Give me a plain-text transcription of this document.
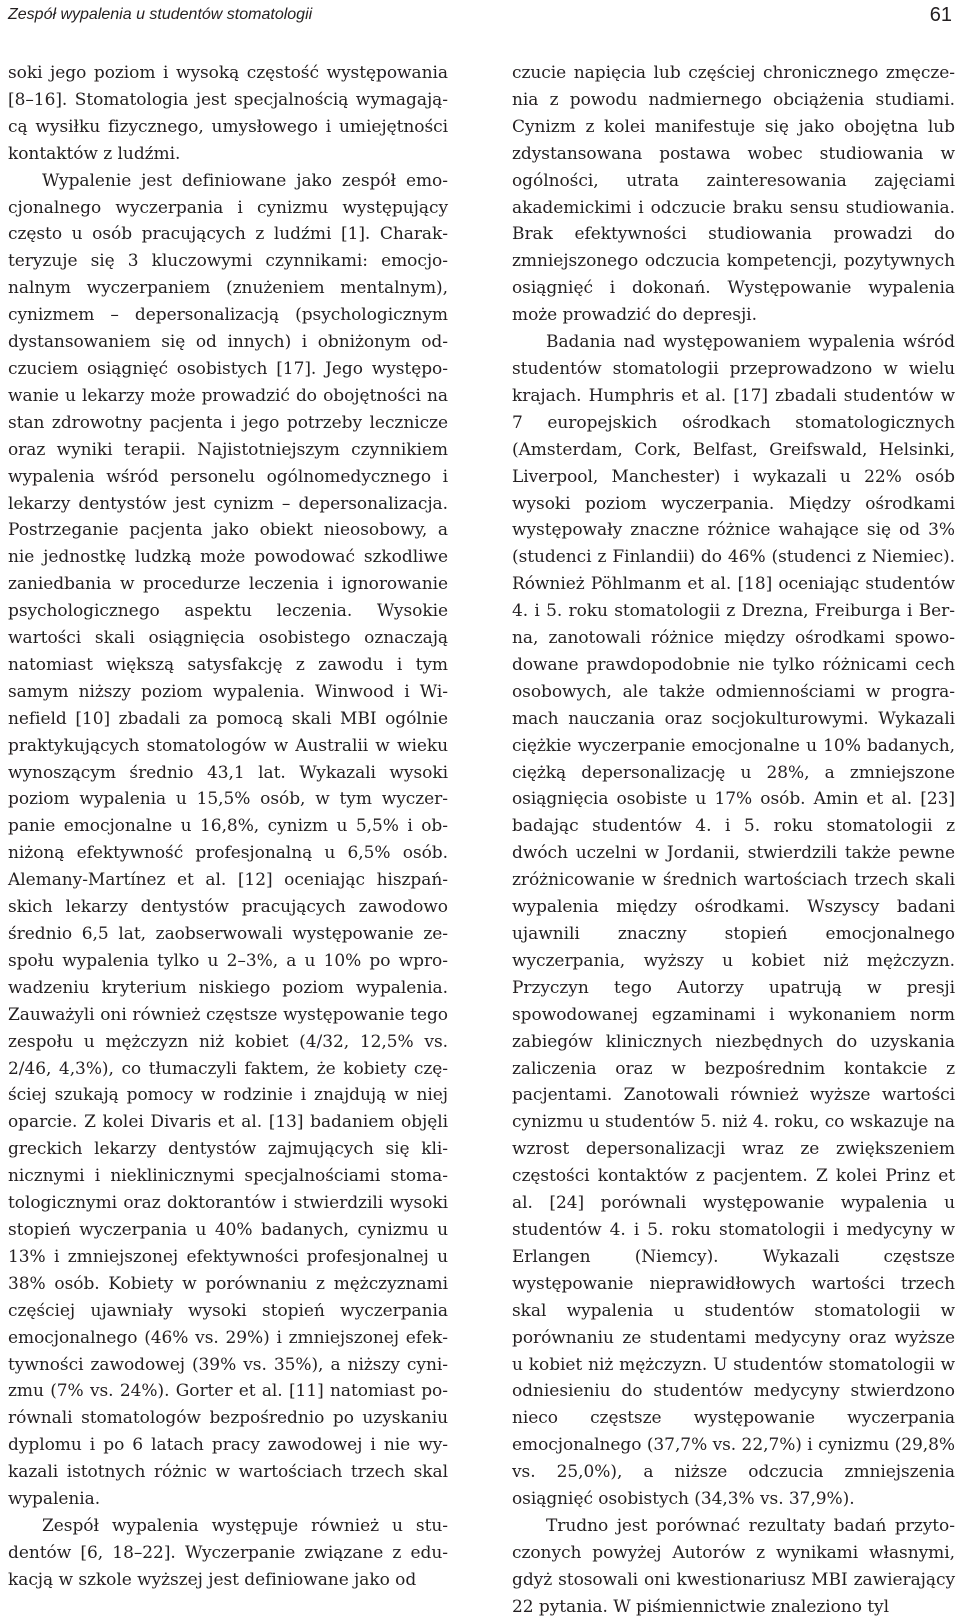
Zespół wypalenia u studentów stomatologii	61

soki jego poziom i wysoką częstość występowania [8–16]. Stomatologia jest specjalnością wymagającą wysiłku fizycznego, umysłowego i umiejętności kontaktów z ludźmi.

Wypalenie jest definiowane jako zespół emocjonalnego wyczerpania i cynizmu występujący często u osób pracujących z ludźmi [1]. Charakteryzuje się 3 kluczowymi czynnikami: emocjonalnym wyczerpaniem (znużeniem mentalnym), cynizmem – depersonalizacją (psychologicznym dystansowaniem się od innych) i obniżonym odczuciem osiągnięć osobistych [17]. Jego występowanie u lekarzy może prowadzić do obojętności na stan zdrowotny pacjenta i jego potrzeby lecznicze oraz wyniki terapii. Najistotniejszym czynnikiem wypalenia wśród personelu ogólnomedycznego i lekarzy dentystów jest cynizm – depersonalizacja. Postrzeganie pacjenta jako obiekt nieosobowy, a nie jednostkę ludzką może powodować szkodliwe zaniedbania w procedurze leczenia i ignorowanie psychologicznego aspektu leczenia. Wysokie wartości skali osiągnięcia osobistego oznaczają natomiast większą satysfakcję z zawodu i tym samym niższy poziom wypalenia. Winwood i Winefield [10] zbadali za pomocą skali MBI ogólnie praktykujących stomatologów w Australii w wieku wynoszącym średnio 43,1 lat. Wykazali wysoki poziom wypalenia u 15,5% osób, w tym wyczerpanie emocjonalne u 16,8%, cynizm u 5,5% i obniżoną efektywność profesjonalną u 6,5% osób. Alemany-Martínez et al. [12] oceniając hiszpańskich lekarzy dentystów pracujących zawodowo średnio 6,5 lat, zaobserwowali występowanie zespołu wypalenia tylko u 2–3%, a u 10% po wprowadzeniu kryterium niskiego poziom wypalenia. Zauważyli oni również częstsze występowanie tego zespołu u mężczyzn niż kobiet (4/32, 12,5% vs. 2/46, 4,3%), co tłumaczyli faktem, że kobiety częściej szukają pomocy w rodzinie i znajdują w niej oparcie. Z kolei Divaris et al. [13] badaniem objęli greckich lekarzy dentystów zajmujących się klinicznymi i nieklinicznymi specjalnościami stomatologicznymi oraz doktorantów i stwierdzili wysoki stopień wyczerpania u 40% badanych, cynizmu u 13% i zmniejszonej efektywności profesjonalnej u 38% osób. Kobiety w porównaniu z mężczyznami częściej ujawniały wysoki stopień wyczerpania emocjonalnego (46% vs. 29%) i zmniejszonej efektywności zawodowej (39% vs. 35%), a niższy cynizmu (7% vs. 24%). Gorter et al. [11] natomiast porównali stomatologów bezpośrednio po uzyskaniu dyplomu i po 6 latach pracy zawodowej i nie wykazali istotnych różnic w wartościach trzech skal wypalenia.

Zespół wypalenia występuje również u studentów [6, 18–22]. Wyczerpanie związane z edukacją w szkole wyższej jest definiowane jako od

czucie napięcia lub częściej chronicznego zmęczenia z powodu nadmiernego obciążenia studiami. Cynizm z kolei manifestuje się jako obojętna lub zdystansowana postawa wobec studiowania w ogólności, utrata zainteresowania zajęciami akademickimi i odczucie braku sensu studiowania. Brak efektywności studiowania prowadzi do zmniejszonego odczucia kompetencji, pozytywnych osiągnięć i dokonań. Występowanie wypalenia może prowadzić do depresji.

Badania nad występowaniem wypalenia wśród studentów stomatologii przeprowadzono w wielu krajach. Humphris et al. [17] zbadali studentów w 7 europejskich ośrodkach stomatologicznych (Amsterdam, Cork, Belfast, Greifswald, Helsinki, Liverpool, Manchester) i wykazali u 22% osób wysoki poziom wyczerpania. Między ośrodkami występowały znaczne różnice wahające się od 3% (studenci z Finlandii) do 46% (studenci z Niemiec). Również Pöhlmanm et al. [18] oceniając studentów 4. i 5. roku stomatologii z Drezna, Freiburga i Berna, zanotowali różnice między ośrodkami spowodowane prawdopodobnie nie tylko różnicami cech osobowych, ale także odmiennościami w programach nauczania oraz socjokulturowymi. Wykazali ciężkie wyczerpanie emocjonalne u 10% badanych, ciężką depersonalizację u 28%, a zmniejszone osiągnięcia osobiste u 17% osób. Amin et al. [23] badając studentów 4. i 5. roku stomatologii z dwóch uczelni w Jordanii, stwierdzili także pewne zróżnicowanie w średnich wartościach trzech skali wypalenia między ośrodkami. Wszyscy badani ujawnili znaczny stopień emocjonalnego wyczerpania, wyższy u kobiet niż mężczyzn. Przyczyn tego Autorzy upatrują w presji spowodowanej egzaminami i wykonaniem norm zabiegów klinicznych niezbędnych do uzyskania zaliczenia oraz w bezpośrednim kontakcie z pacjentami. Zanotowali również wyższe wartości cynizmu u studentów 5. niż 4. roku, co wskazuje na wzrost depersonalizacji wraz ze zwiększeniem częstości kontaktów z pacjentem. Z kolei Prinz et al. [24] porównali występowanie wypalenia u studentów 4. i 5. roku stomatologii i medycyny w Erlangen (Niemcy). Wykazali częstsze występowanie nieprawidłowych wartości trzech skal wypalenia u studentów stomatologii w porównaniu ze studentami medycyny oraz wyższe u kobiet niż mężczyzn. U studentów stomatologii w odniesieniu do studentów medycyny stwierdzono nieco częstsze występowanie wyczerpania emocjonalnego (37,7% vs. 22,7%) i cynizmu (29,8% vs. 25,0%), a niższe odczucia zmniejszenia osiągnięć osobistych (34,3% vs. 37,9%).

Trudno jest porównać rezultaty badań przytoczonych powyżej Autorów z wynikami własnymi, gdyż stosowali oni kwestionariusz MBI zawierający 22 pytania. W piśmiennictwie znaleziono tyl
